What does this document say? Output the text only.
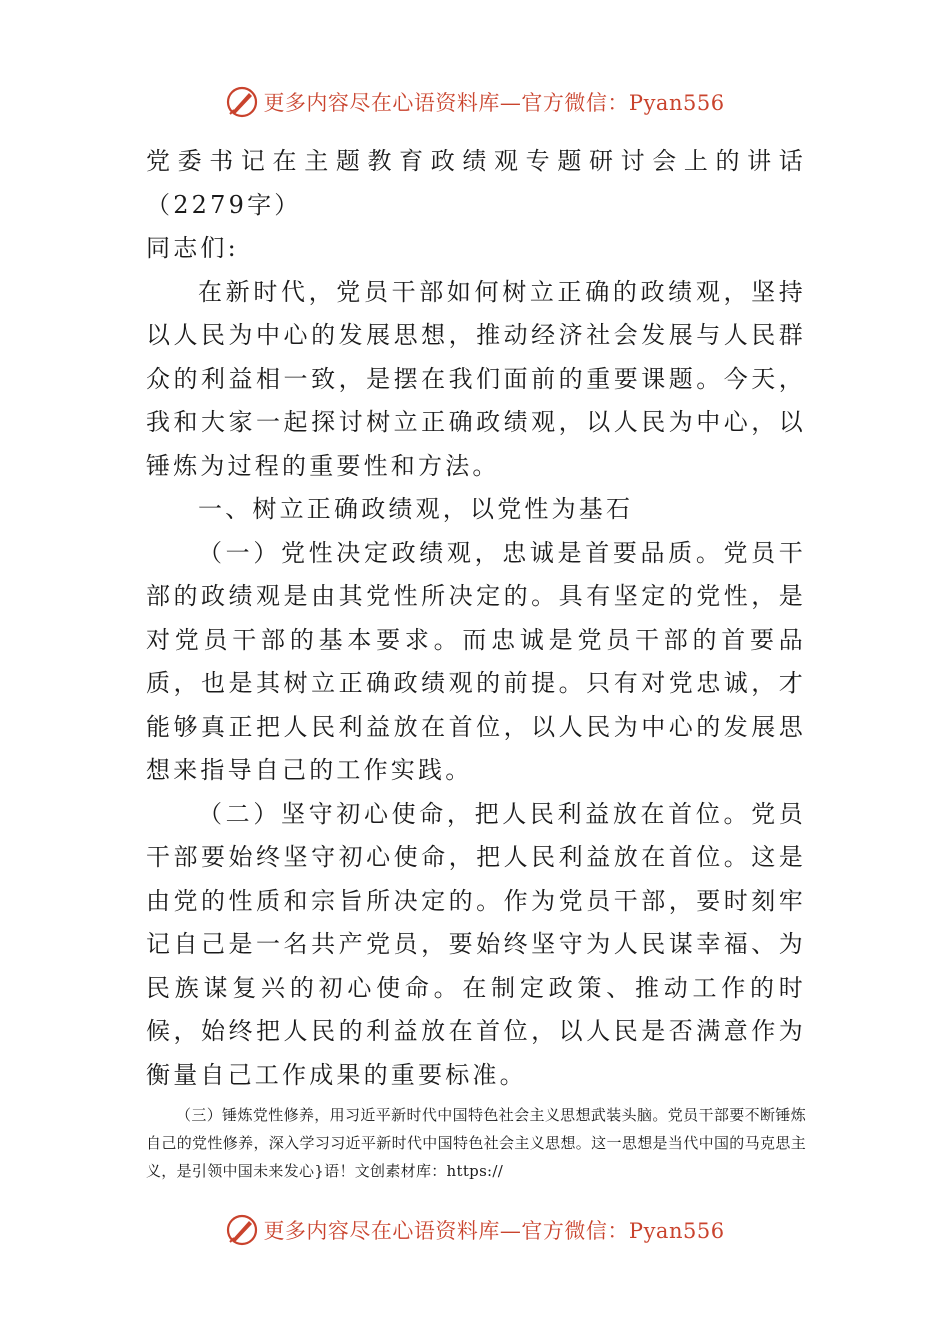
更多内容尽在心语资料库—官方微信：Pyan556

党委书记在主题教育政绩观专题研讨会上的讲话（2279字）

同志们:

在新时代，党员干部如何树立正确的政绩观，坚持以人民为中心的发展思想，推动经济社会发展与人民群众的利益相一致，是摆在我们面前的重要课题。今天，我和大家一起探讨树立正确政绩观，以人民为中心，以锤炼为过程的重要性和方法。

一、树立正确政绩观，以党性为基石

（一）党性决定政绩观，忠诚是首要品质。党员干部的政绩观是由其党性所决定的。具有坚定的党性，是对党员干部的基本要求。而忠诚是党员干部的首要品质，也是其树立正确政绩观的前提。只有对党忠诚，才能够真正把人民利益放在首位，以人民为中心的发展思想来指导自己的工作实践。

（二）坚守初心使命，把人民利益放在首位。党员干部要始终坚守初心使命，把人民利益放在首位。这是由党的性质和宗旨所决定的。作为党员干部，要时刻牢记自己是一名共产党员，要始终坚守为人民谋幸福、为民族谋复兴的初心使命。在制定政策、推动工作的时候，始终把人民的利益放在首位，以人民是否满意作为衡量自己工作成果的重要标准。

（三）锤炼党性修养，用习近平新时代中国特色社会主义思想武装头脑。党员干部要不断锤炼自己的党性修养，深入学习习近平新时代中国特色社会主义思想。这一思想是当代中国的马克思主义，是引领中国未来发心}语！文创素材库：https://

更多内容尽在心语资料库—官方微信：Pyan556
